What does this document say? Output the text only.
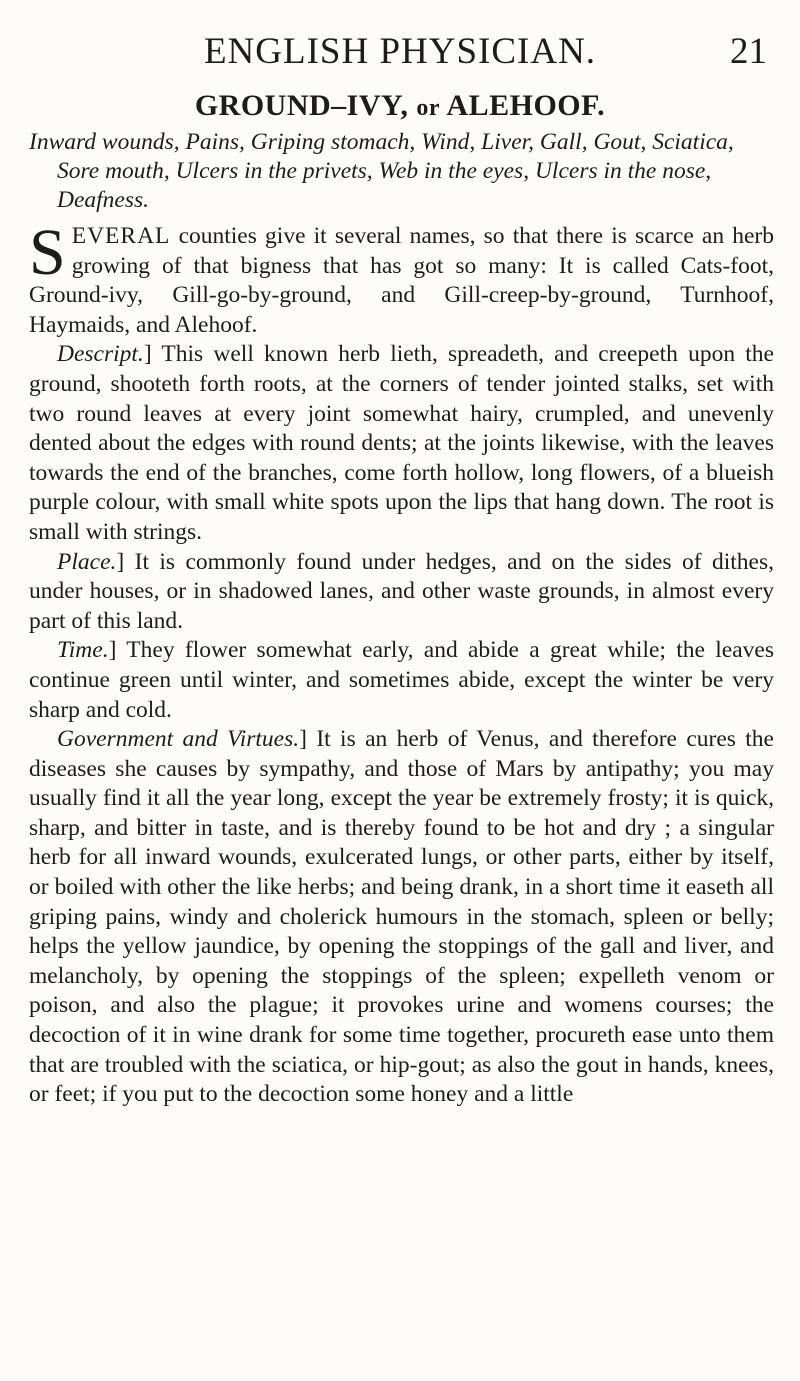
ENGLISH PHYSICIAN.	21
GROUND–IVY, or ALEHOOF.
Inward wounds, Pains, Griping stomach, Wind, Liver, Gall, Gout, Sciatica, Sore mouth, Ulcers in the privets, Web in the eyes, Ulcers in the nose, Deafness.

SEVERAL counties give it several names, so that there is scarce an herb growing of that bigness that has got so many: It is called Cats-foot, Ground-ivy, Gill-go-by-ground, and Gill-creep-by-ground, Turnhoof, Haymaids, and Alehoof.

Descript.] This well known herb lieth, spreadeth, and creepeth upon the ground, shooteth forth roots, at the corners of tender jointed stalks, set with two round leaves at every joint somewhat hairy, crumpled, and unevenly dented about the edges with round dents; at the joints likewise, with the leaves towards the end of the branches, come forth hollow, long flowers, of a blueish purple colour, with small white spots upon the lips that hang down. The root is small with strings.

Place.] It is commonly found under hedges, and on the sides of dithes, under houses, or in shadowed lanes, and other waste grounds, in almost every part of this land.

Time.] They flower somewhat early, and abide a great while; the leaves continue green until winter, and sometimes abide, except the winter be very sharp and cold.

Government and Virtues.] It is an herb of Venus, and therefore cures the diseases she causes by sympathy, and those of Mars by antipathy; you may usually find it all the year long, except the year be extremely frosty; it is quick, sharp, and bitter in taste, and is thereby found to be hot and dry ; a singular herb for all inward wounds, exulcerated lungs, or other parts, either by itself, or boiled with other the like herbs; and being drank, in a short time it easeth all griping pains, windy and cholerick humours in the stomach, spleen or belly; helps the yellow jaundice, by opening the stoppings of the gall and liver, and melancholy, by opening the stoppings of the spleen; expelleth venom or poison, and also the plague; it provokes urine and womens courses; the decoction of it in wine drank for some time together, procureth ease unto them that are troubled with the sciatica, or hip-gout; as also the gout in hands, knees, or feet; if you put to the decoction some honey and a little
